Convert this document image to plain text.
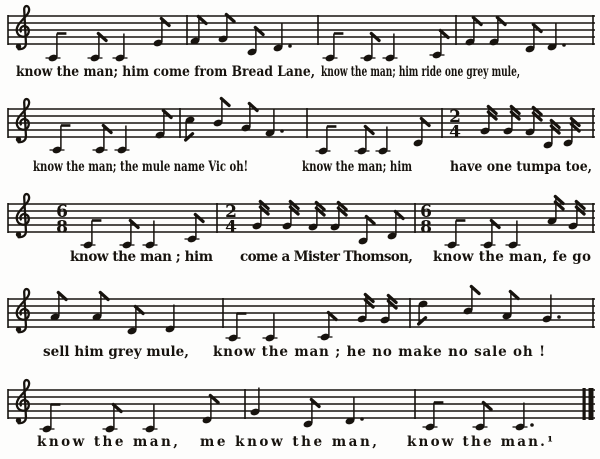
know the man; him come from Bread Lane, know the man; him ride one grey mule,
2
4
know the man; the mule name Vic oh!	know the man; him	have one tumpa toe,
6
8
2
4
6
8
know the man ; him come a Mister Thomson, know the man, fe go
sell him grey mule, know the man ; he no make no sale oh !
know the man, me know the man, know the man.¹
